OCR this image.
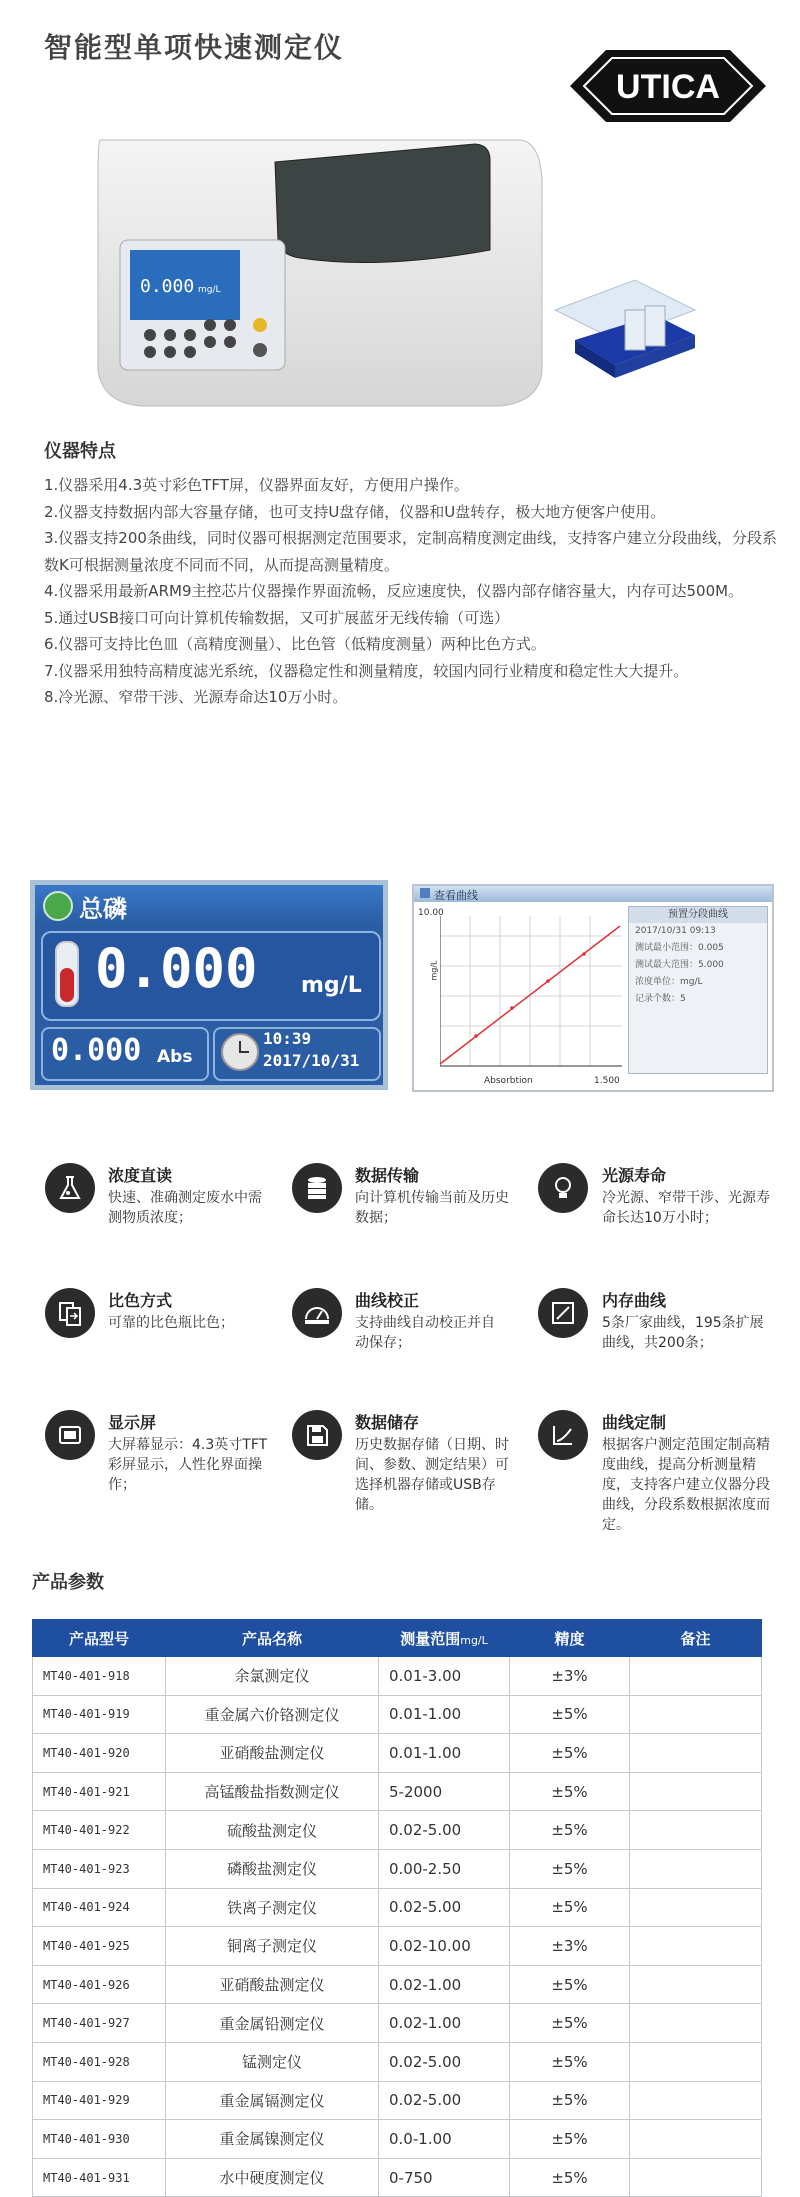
智能型单项快速测定仪
UTICA
0.000 mg/L
仪器特点
1.仪器采用4.3英寸彩色TFT屏，仪器界面友好，方便用户操作。
2.仪器支持数据内部大容量存储，也可支持U盘存储，仪器和U盘转存，极大地方便客户使用。
3.仪器支持200条曲线，同时仪器可根据测定范围要求，定制高精度测定曲线，支持客户建立分段曲线，分段系数K可根据测量浓度不同而不同，从而提高测量精度。
4.仪器采用最新ARM9主控芯片仪器操作界面流畅，反应速度快，仪器内部存储容量大，内存可达500M。
5.通过USB接口可向计算机传输数据，又可扩展蓝牙无线传输（可选）
6.仪器可支持比色皿（高精度测量）、比色管（低精度测量）两种比色方式。
7.仪器采用独特高精度滤光系统，仪器稳定性和测量精度，较国内同行业精度和稳定性大大提升。
8.冷光源、窄带干涉、光源寿命达10万小时。
总磷
0.000 mg/L
0.000 Abs
10:39
2017/10/31
查看曲线
10.00
mg/L
Absorbtion	1.500
预置分段曲线
2017/10/31 09:13
测试最小范围：0.005
测试最大范围：5.000
浓度单位：mg/L
记录个数：5
浓度直读
快速、准确测定废水中需测物质浓度；
数据传输
向计算机传输当前及历史数据；
光源寿命
冷光源、窄带干涉、光源寿命长达10万小时；
比色方式
可靠的比色瓶比色；
曲线校正
支持曲线自动校正并自动保存；
内存曲线
5条厂家曲线，195条扩展曲线，共200条；
显示屏
大屏幕显示：4.3英寸TFT彩屏显示，人性化界面操作；
数据储存
历史数据存储（日期、时间、参数、测定结果）可选择机器存储或USB存储。
曲线定制
根据客户测定范围定制高精度曲线，提高分析测量精度，支持客户建立仪器分段曲线，分段系数根据浓度而定。
产品参数
产品型号	产品名称	测量范围mg/L	精度	备注
MT40-401-918	余氯测定仪	0.01-3.00	±3%	
MT40-401-919	重金属六价铬测定仪	0.01-1.00	±5%	
MT40-401-920	亚硝酸盐测定仪	0.01-1.00	±5%	
MT40-401-921	高锰酸盐指数测定仪	5-2000	±5%	
MT40-401-922	硫酸盐测定仪	0.02-5.00	±5%	
MT40-401-923	磷酸盐测定仪	0.00-2.50	±5%	
MT40-401-924	铁离子测定仪	0.02-5.00	±5%	
MT40-401-925	铜离子测定仪	0.02-10.00	±3%	
MT40-401-926	亚硝酸盐测定仪	0.02-1.00	±5%	
MT40-401-927	重金属铅测定仪	0.02-1.00	±5%	
MT40-401-928	锰测定仪	0.02-5.00	±5%	
MT40-401-929	重金属镉测定仪	0.02-5.00	±5%	
MT40-401-930	重金属镍测定仪	0.0-1.00	±5%	
MT40-401-931	水中硬度测定仪	0-750	±5%	
